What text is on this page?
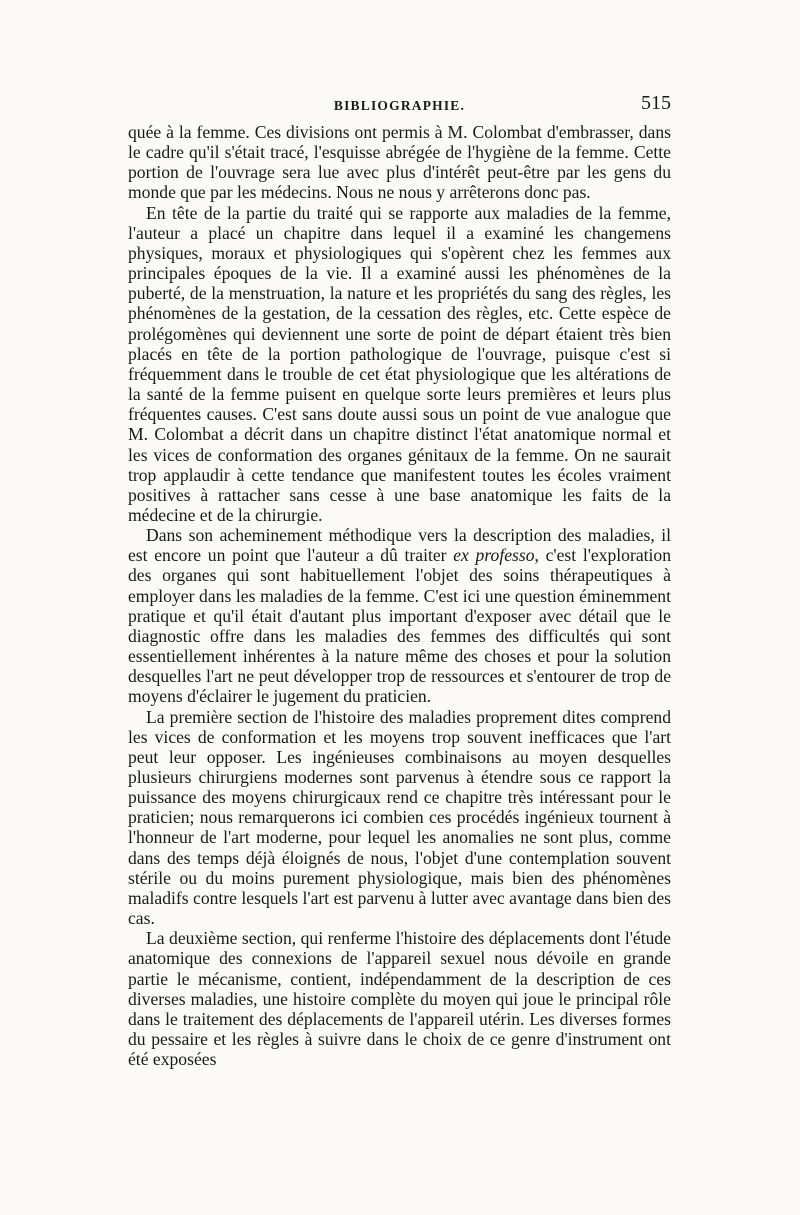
BIBLIOGRAPHIE.	515

quée à la femme. Ces divisions ont permis à M. Colombat d'embrasser, dans le cadre qu'il s'était tracé, l'esquisse abrégée de l'hygiène de la femme. Cette portion de l'ouvrage sera lue avec plus d'intérêt peut-être par les gens du monde que par les médecins. Nous ne nous y arrêterons donc pas.

En tête de la partie du traité qui se rapporte aux maladies de la femme, l'auteur a placé un chapitre dans lequel il a examiné les changemens physiques, moraux et physiologiques qui s'opèrent chez les femmes aux principales époques de la vie. Il a examiné aussi les phénomènes de la puberté, de la menstruation, la nature et les propriétés du sang des règles, les phénomènes de la gestation, de la cessation des règles, etc. Cette espèce de prolégomènes qui deviennent une sorte de point de départ étaient très bien placés en tête de la portion pathologique de l'ouvrage, puisque c'est si fréquemment dans le trouble de cet état physiologique que les altérations de la santé de la femme puisent en quelque sorte leurs premières et leurs plus fréquentes causes. C'est sans doute aussi sous un point de vue analogue que M. Colombat a décrit dans un chapitre distinct l'état anatomique normal et les vices de conformation des organes génitaux de la femme. On ne saurait trop applaudir à cette tendance que manifestent toutes les écoles vraiment positives à rattacher sans cesse à une base anatomique les faits de la médecine et de la chirurgie.

Dans son acheminement méthodique vers la description des maladies, il est encore un point que l'auteur a dû traiter ex professo, c'est l'exploration des organes qui sont habituellement l'objet des soins thérapeutiques à employer dans les maladies de la femme. C'est ici une question éminemment pratique et qu'il était d'autant plus important d'exposer avec détail que le diagnostic offre dans les maladies des femmes des difficultés qui sont essentiellement inhérentes à la nature même des choses et pour la solution desquelles l'art ne peut développer trop de ressources et s'entourer de trop de moyens d'éclairer le jugement du praticien.

La première section de l'histoire des maladies proprement dites comprend les vices de conformation et les moyens trop souvent inefficaces que l'art peut leur opposer. Les ingénieuses combinaisons au moyen desquelles plusieurs chirurgiens modernes sont parvenus à étendre sous ce rapport la puissance des moyens chirurgicaux rend ce chapitre très intéressant pour le praticien; nous remarquerons ici combien ces procédés ingénieux tournent à l'honneur de l'art moderne, pour lequel les anomalies ne sont plus, comme dans des temps déjà éloignés de nous, l'objet d'une contemplation souvent stérile ou du moins purement physiologique, mais bien des phénomènes maladifs contre lesquels l'art est parvenu à lutter avec avantage dans bien des cas.

La deuxième section, qui renferme l'histoire des déplacements dont l'étude anatomique des connexions de l'appareil sexuel nous dévoile en grande partie le mécanisme, contient, indépendamment de la description de ces diverses maladies, une histoire complète du moyen qui joue le principal rôle dans le traitement des déplacements de l'appareil utérin. Les diverses formes du pessaire et les règles à suivre dans le choix de ce genre d'instrument ont été exposées
